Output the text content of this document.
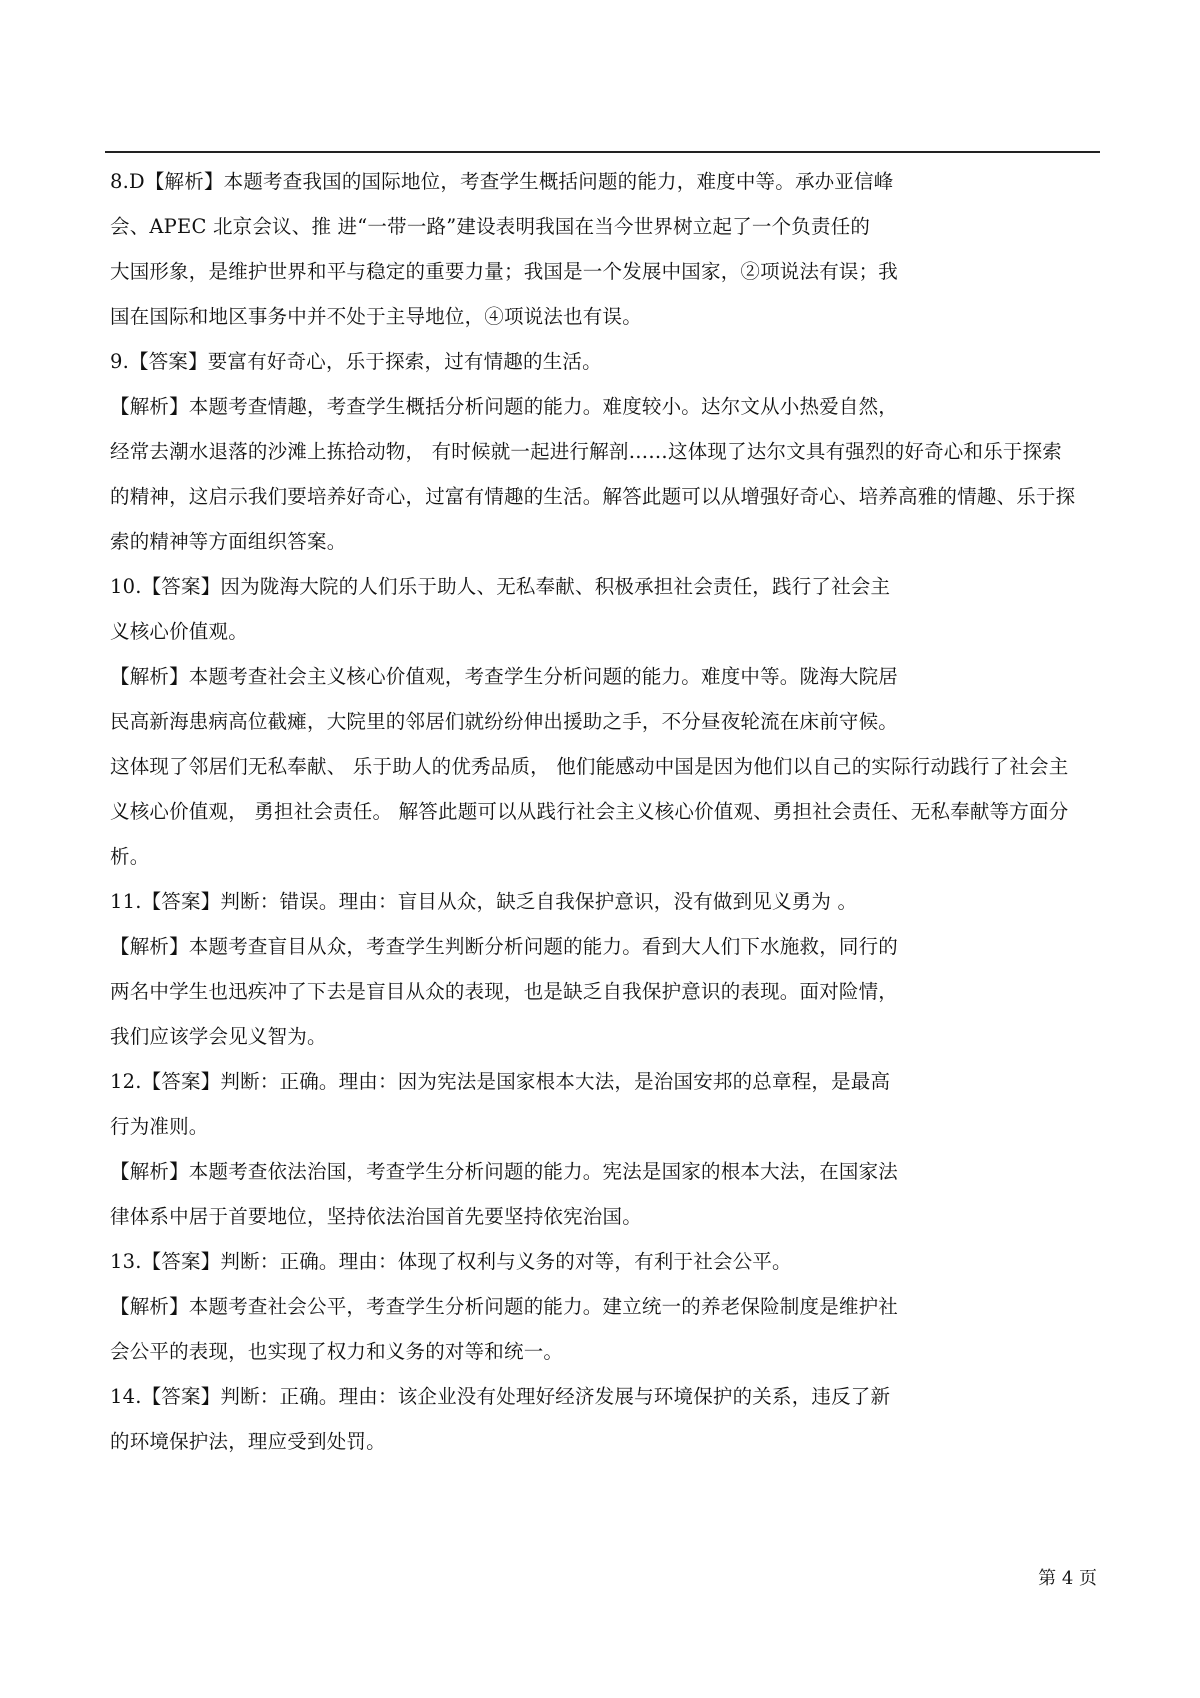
8.D【解析】本题考查我国的国际地位，考查学生概括问题的能力，难度中等。承办亚信峰
会、APEC 北京会议、推 进“一带一路”建设表明我国在当今世界树立起了一个负责任的
大国形象，是维护世界和平与稳定的重要力量；我国是一个发展中国家，②项说法有误；我
国在国际和地区事务中并不处于主导地位，④项说法也有误。
9.【答案】要富有好奇心，乐于探索，过有情趣的生活。
【解析】本题考查情趣，考查学生概括分析问题的能力。难度较小。达尔文从小热爱自然，
经常去潮水退落的沙滩上拣拾动物， 有时候就一起进行解剖……这体现了达尔文具有强烈的好奇心和乐于探索
的精神，这启示我们要培养好奇心，过富有情趣的生活。解答此题可以从增强好奇心、培养高雅的情趣、乐于探
索的精神等方面组织答案。
10.【答案】因为陇海大院的人们乐于助人、无私奉献、积极承担社会责任，践行了社会主
义核心价值观。
【解析】本题考查社会主义核心价值观，考查学生分析问题的能力。难度中等。陇海大院居
民高新海患病高位截瘫，大院里的邻居们就纷纷伸出援助之手，不分昼夜轮流在床前守候。
这体现了邻居们无私奉献、 乐于助人的优秀品质， 他们能感动中国是因为他们以自己的实际行动践行了社会主
义核心价值观， 勇担社会责任。 解答此题可以从践行社会主义核心价值观、勇担社会责任、无私奉献等方面分
析。
11.【答案】判断：错误。理由：盲目从众，缺乏自我保护意识，没有做到见义勇为 。
【解析】本题考查盲目从众，考查学生判断分析问题的能力。看到大人们下水施救，同行的
两名中学生也迅疾冲了下去是盲目从众的表现，也是缺乏自我保护意识的表现。面对险情，
我们应该学会见义智为。
12.【答案】判断：正确。理由：因为宪法是国家根本大法，是治国安邦的总章程，是最高
行为准则。
【解析】本题考查依法治国，考查学生分析问题的能力。宪法是国家的根本大法，在国家法
律体系中居于首要地位，坚持依法治国首先要坚持依宪治国。
13.【答案】判断：正确。理由：体现了权利与义务的对等，有利于社会公平。
【解析】本题考查社会公平，考查学生分析问题的能力。建立统一的养老保险制度是维护社
会公平的表现，也实现了权力和义务的对等和统一。
14.【答案】判断：正确。理由：该企业没有处理好经济发展与环境保护的关系，违反了新
的环境保护法，理应受到处罚。
第 4 页
